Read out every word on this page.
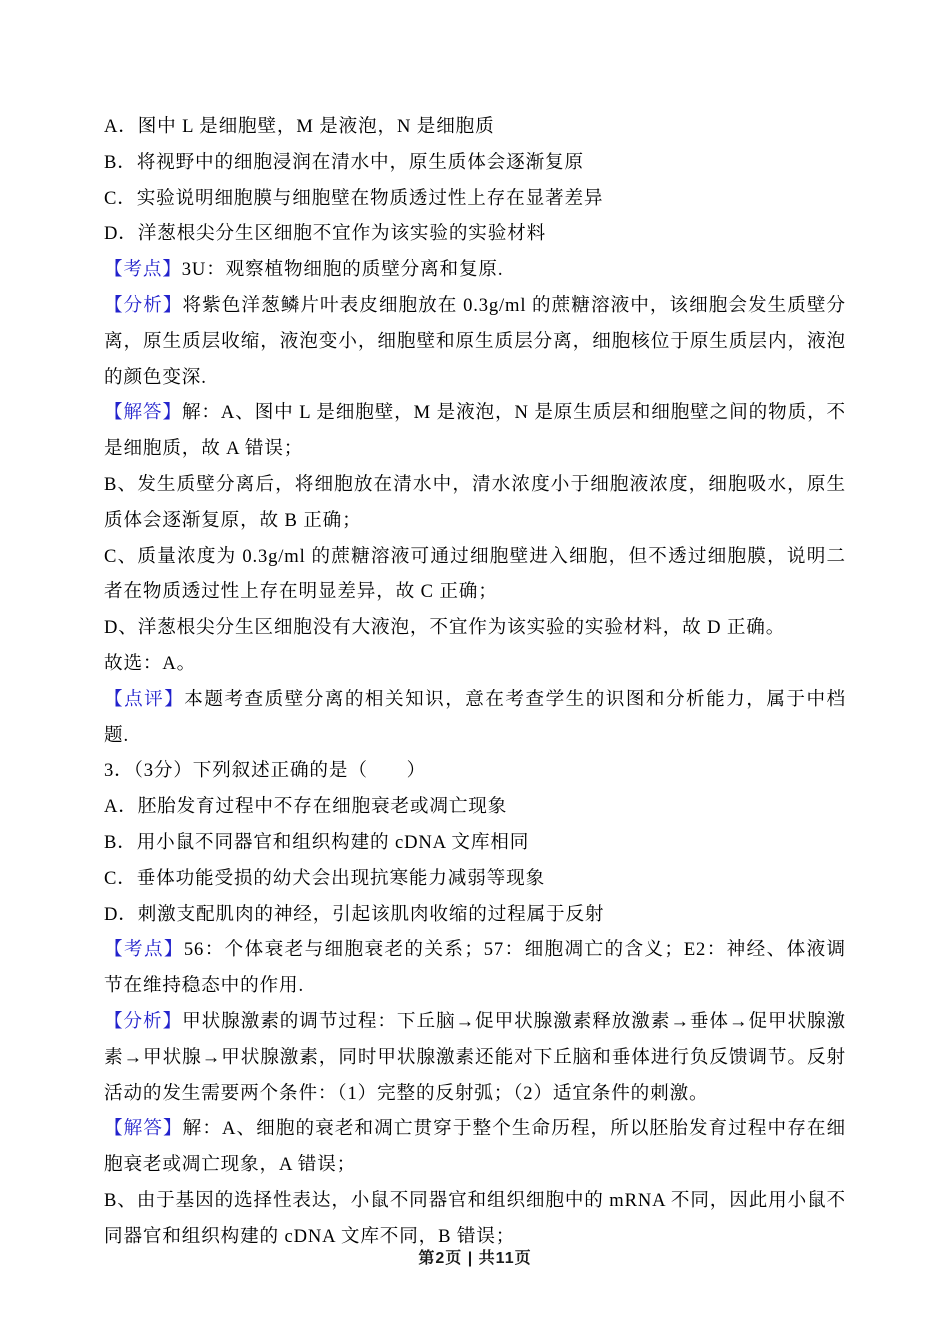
A．图中 L 是细胞壁，M 是液泡，N 是细胞质

B．将视野中的细胞浸润在清水中，原生质体会逐渐复原

C．实验说明细胞膜与细胞壁在物质透过性上存在显著差异

D．洋葱根尖分生区细胞不宜作为该实验的实验材料

【考点】3U：观察植物细胞的质壁分离和复原.

【分析】将紫色洋葱鳞片叶表皮细胞放在 0.3g/ml 的蔗糖溶液中，该细胞会发生质壁分离，原生质层收缩，液泡变小，细胞壁和原生质层分离，细胞核位于原生质层内，液泡的颜色变深.

【解答】解：A、图中 L 是细胞壁，M 是液泡，N 是原生质层和细胞壁之间的物质，不是细胞质，故 A 错误；

B、发生质壁分离后，将细胞放在清水中，清水浓度小于细胞液浓度，细胞吸水，原生质体会逐渐复原，故 B 正确；

C、质量浓度为 0.3g/ml 的蔗糖溶液可通过细胞壁进入细胞，但不透过细胞膜，说明二者在物质透过性上存在明显差异，故 C 正确；

D、洋葱根尖分生区细胞没有大液泡，不宜作为该实验的实验材料，故 D 正确。

故选：A。

【点评】本题考查质壁分离的相关知识，意在考查学生的识图和分析能力，属于中档题.

3．（3分）下列叙述正确的是（　　）

A．胚胎发育过程中不存在细胞衰老或凋亡现象

B．用小鼠不同器官和组织构建的 cDNA 文库相同

C．垂体功能受损的幼犬会出现抗寒能力减弱等现象

D．刺激支配肌肉的神经，引起该肌肉收缩的过程属于反射

【考点】56：个体衰老与细胞衰老的关系；57：细胞凋亡的含义；E2：神经、体液调节在维持稳态中的作用.

【分析】甲状腺激素的调节过程：下丘脑→促甲状腺激素释放激素→垂体→促甲状腺激素→甲状腺→甲状腺激素，同时甲状腺激素还能对下丘脑和垂体进行负反馈调节。反射活动的发生需要两个条件：（1）完整的反射弧；（2）适宜条件的刺激。

【解答】解：A、细胞的衰老和凋亡贯穿于整个生命历程，所以胚胎发育过程中存在细胞衰老或凋亡现象，A 错误；

B、由于基因的选择性表达，小鼠不同器官和组织细胞中的 mRNA 不同，因此用小鼠不同器官和组织构建的 cDNA 文库不同，B 错误；

第2页 | 共11页
